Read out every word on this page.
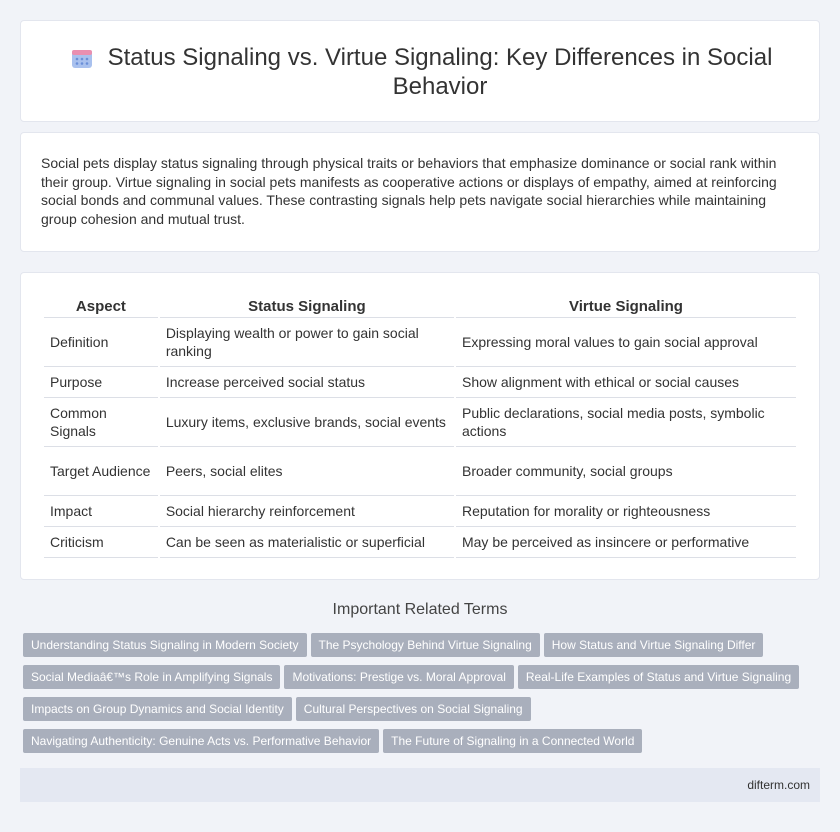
Status Signaling vs. Virtue Signaling: Key Differences in Social Behavior

Social pets display status signaling through physical traits or behaviors that emphasize dominance or social rank within their group. Virtue signaling in social pets manifests as cooperative actions or displays of empathy, aimed at reinforcing social bonds and communal values. These contrasting signals help pets navigate social hierarchies while maintaining group cohesion and mutual trust.

Aspect	Status Signaling	Virtue Signaling
Definition	Displaying wealth or power to gain social ranking	Expressing moral values to gain social approval
Purpose	Increase perceived social status	Show alignment with ethical or social causes
Common Signals	Luxury items, exclusive brands, social events	Public declarations, social media posts, symbolic actions
Target Audience	Peers, social elites	Broader community, social groups
Impact	Social hierarchy reinforcement	Reputation for morality or righteousness
Criticism	Can be seen as materialistic or superficial	May be perceived as insincere or performative
Important Related Terms
Understanding Status Signaling in Modern Society The Psychology Behind Virtue Signaling How Status and Virtue Signaling Differ
Social Mediaâ€™s Role in Amplifying Signals Motivations: Prestige vs. Moral Approval Real-Life Examples of Status and Virtue Signaling
Impacts on Group Dynamics and Social Identity Cultural Perspectives on Social Signaling
Navigating Authenticity: Genuine Acts vs. Performative Behavior The Future of Signaling in a Connected World
difterm.com
